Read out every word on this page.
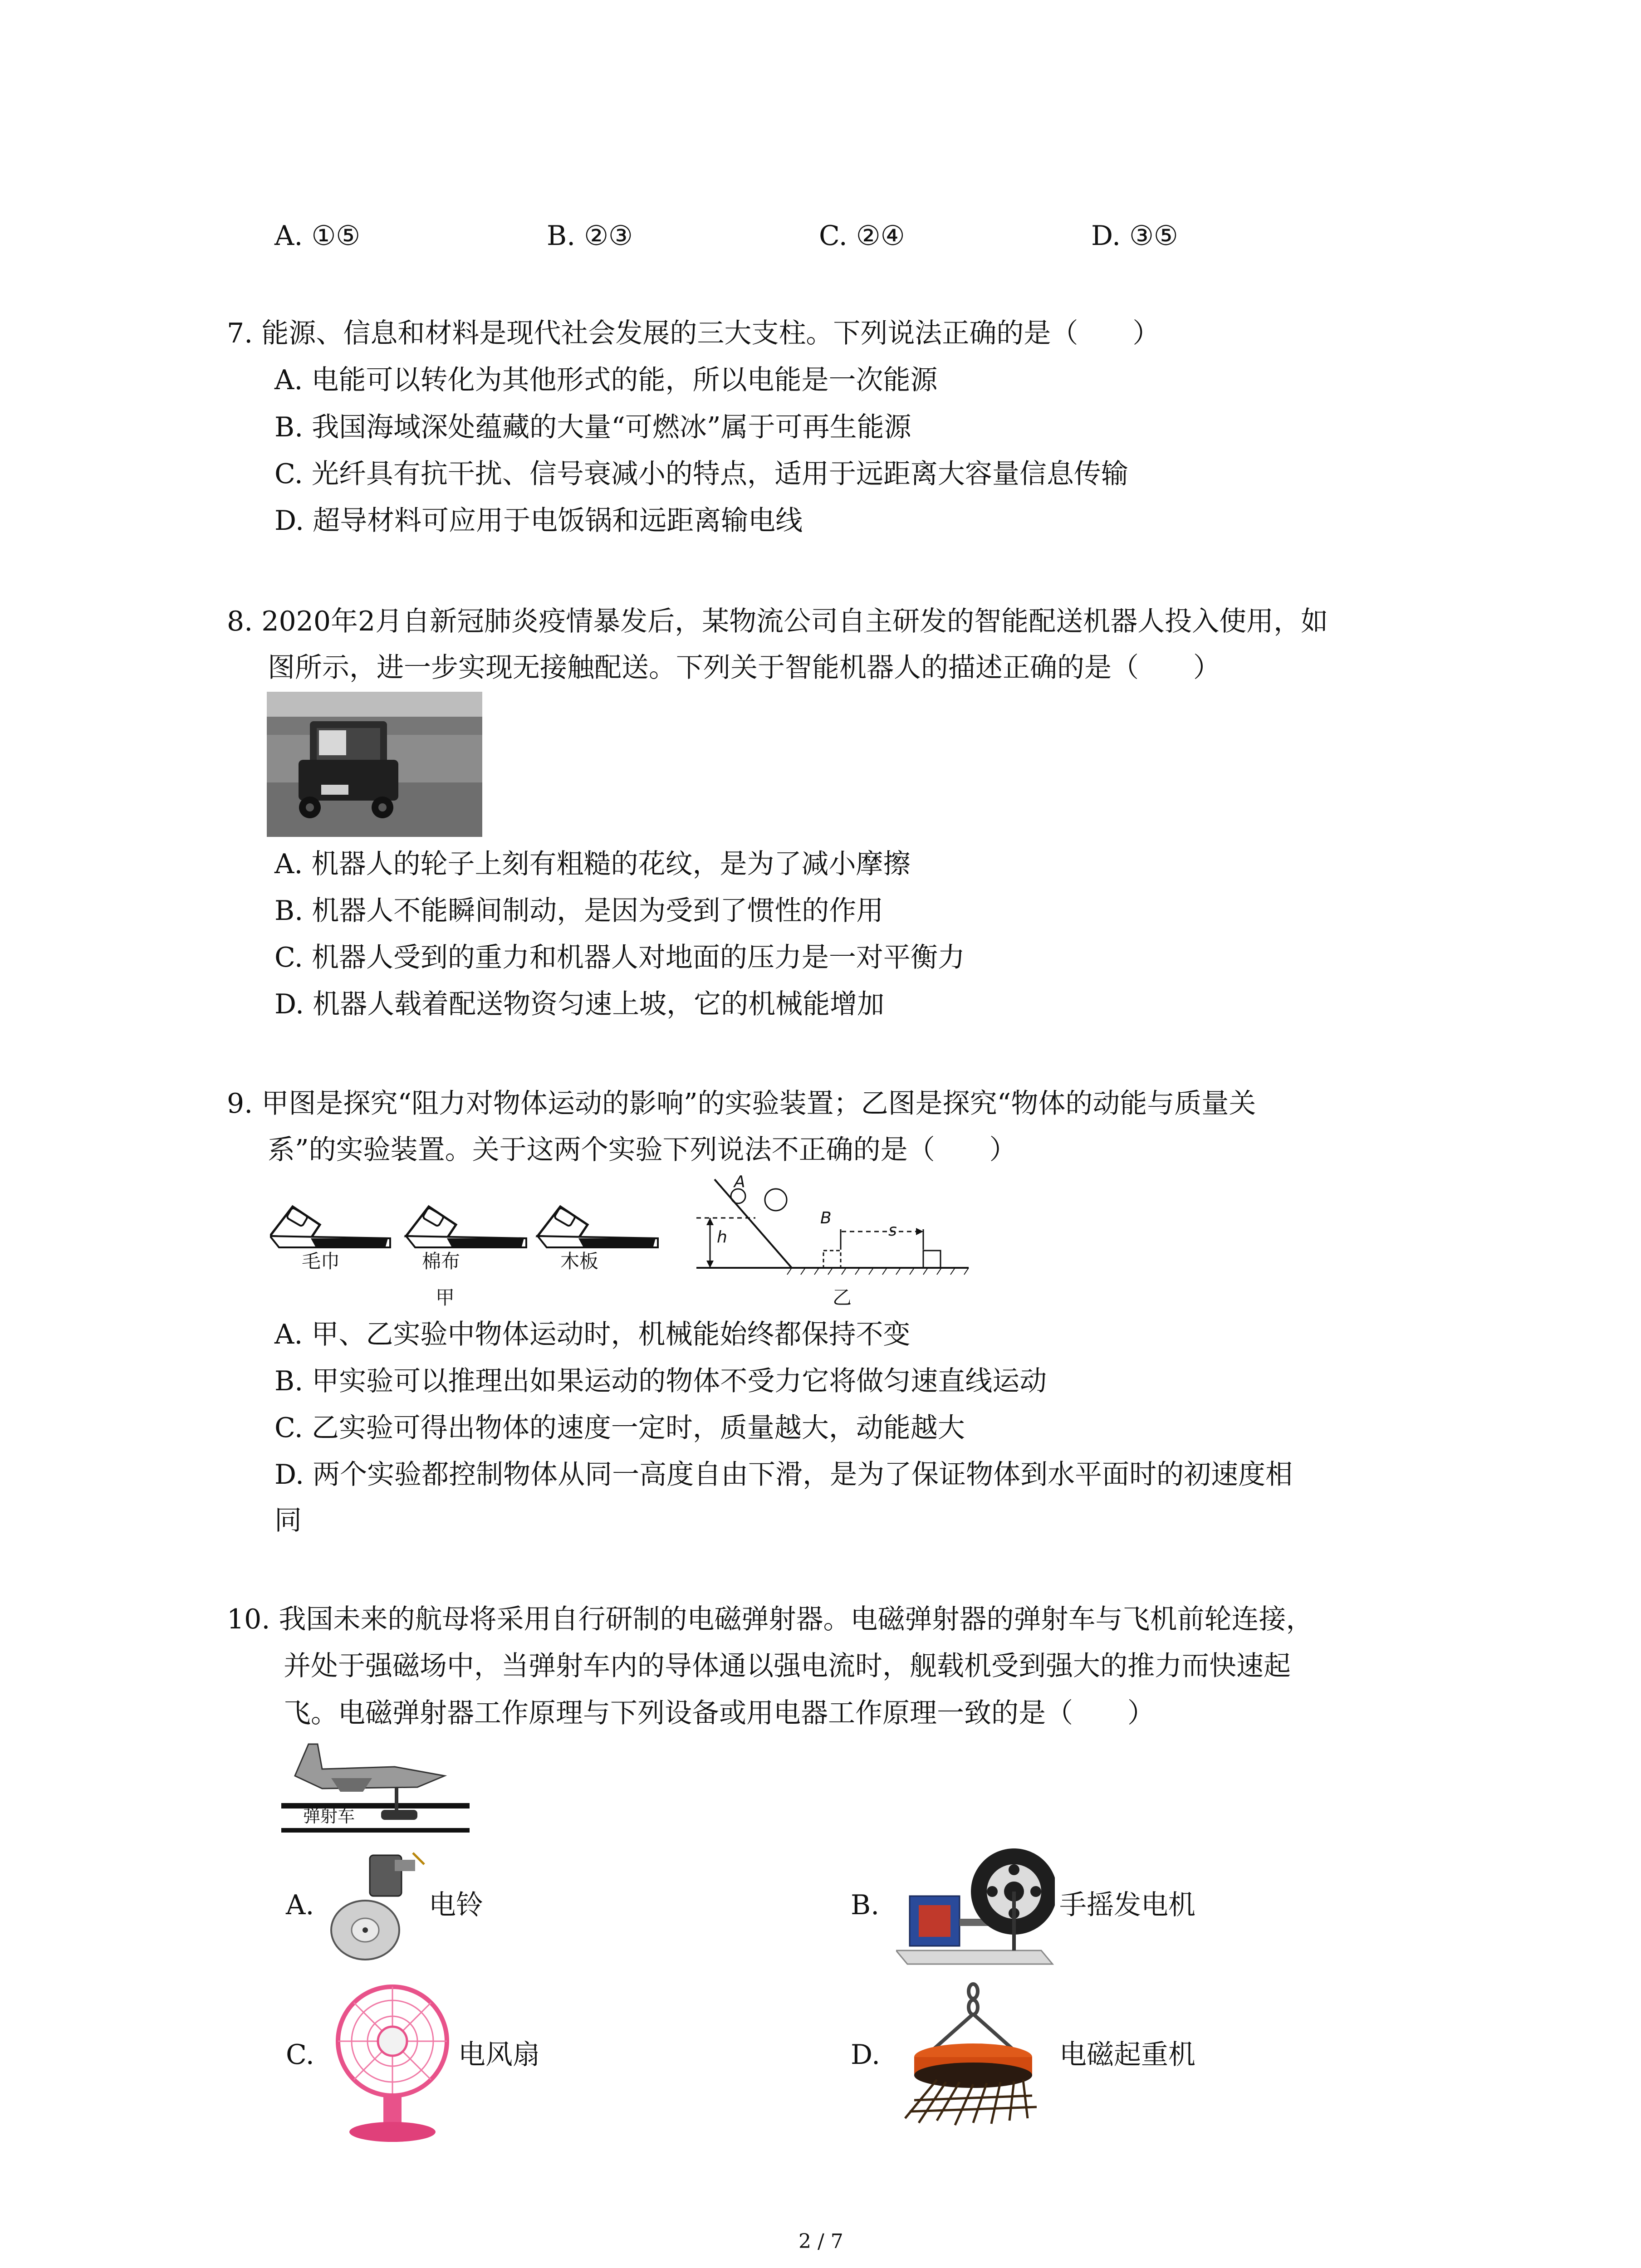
A. ①⑤	B. ②③	C. ②④	D. ③⑤
7. 能源、信息和材料是现代社会发展的三大支柱。下列说法正确的是（　　）
A. 电能可以转化为其他形式的能，所以电能是一次能源
B. 我国海域深处蕴藏的大量“可燃冰”属于可再生能源
C. 光纤具有抗干扰、信号衰减小的特点，适用于远距离大容量信息传输
D. 超导材料可应用于电饭锅和远距离输电线
8. 2020年2月自新冠肺炎疫情暴发后，某物流公司自主研发的智能配送机器人投入使用，如
图所示，进一步实现无接触配送。下列关于智能机器人的描述正确的是（　　）
A. 机器人的轮子上刻有粗糙的花纹，是为了减小摩擦
B. 机器人不能瞬间制动，是因为受到了惯性的作用
C. 机器人受到的重力和机器人对地面的压力是一对平衡力
D. 机器人载着配送物资匀速上坡，它的机械能增加
9. 甲图是探究“阻力对物体运动的影响”的实验装置；乙图是探究“物体的动能与质量关
系”的实验装置。关于这两个实验下列说法不正确的是（　　）
毛巾	棉布	木板
甲
A
B
h	s
乙
A. 甲、乙实验中物体运动时，机械能始终都保持不变
B. 甲实验可以推理出如果运动的物体不受力它将做匀速直线运动
C. 乙实验可得出物体的速度一定时，质量越大，动能越大
D. 两个实验都控制物体从同一高度自由下滑，是为了保证物体到水平面时的初速度相
同
10. 我国未来的航母将采用自行研制的电磁弹射器。电磁弹射器的弹射车与飞机前轮连接，
并处于强磁场中，当弹射车内的导体通以强电流时，舰载机受到强大的推力而快速起
飞。电磁弹射器工作原理与下列设备或用电器工作原理一致的是（　　）
弹射车
A.	电铃	B.	手摇发电机
C.	电风扇	D.	电磁起重机
2 / 7
